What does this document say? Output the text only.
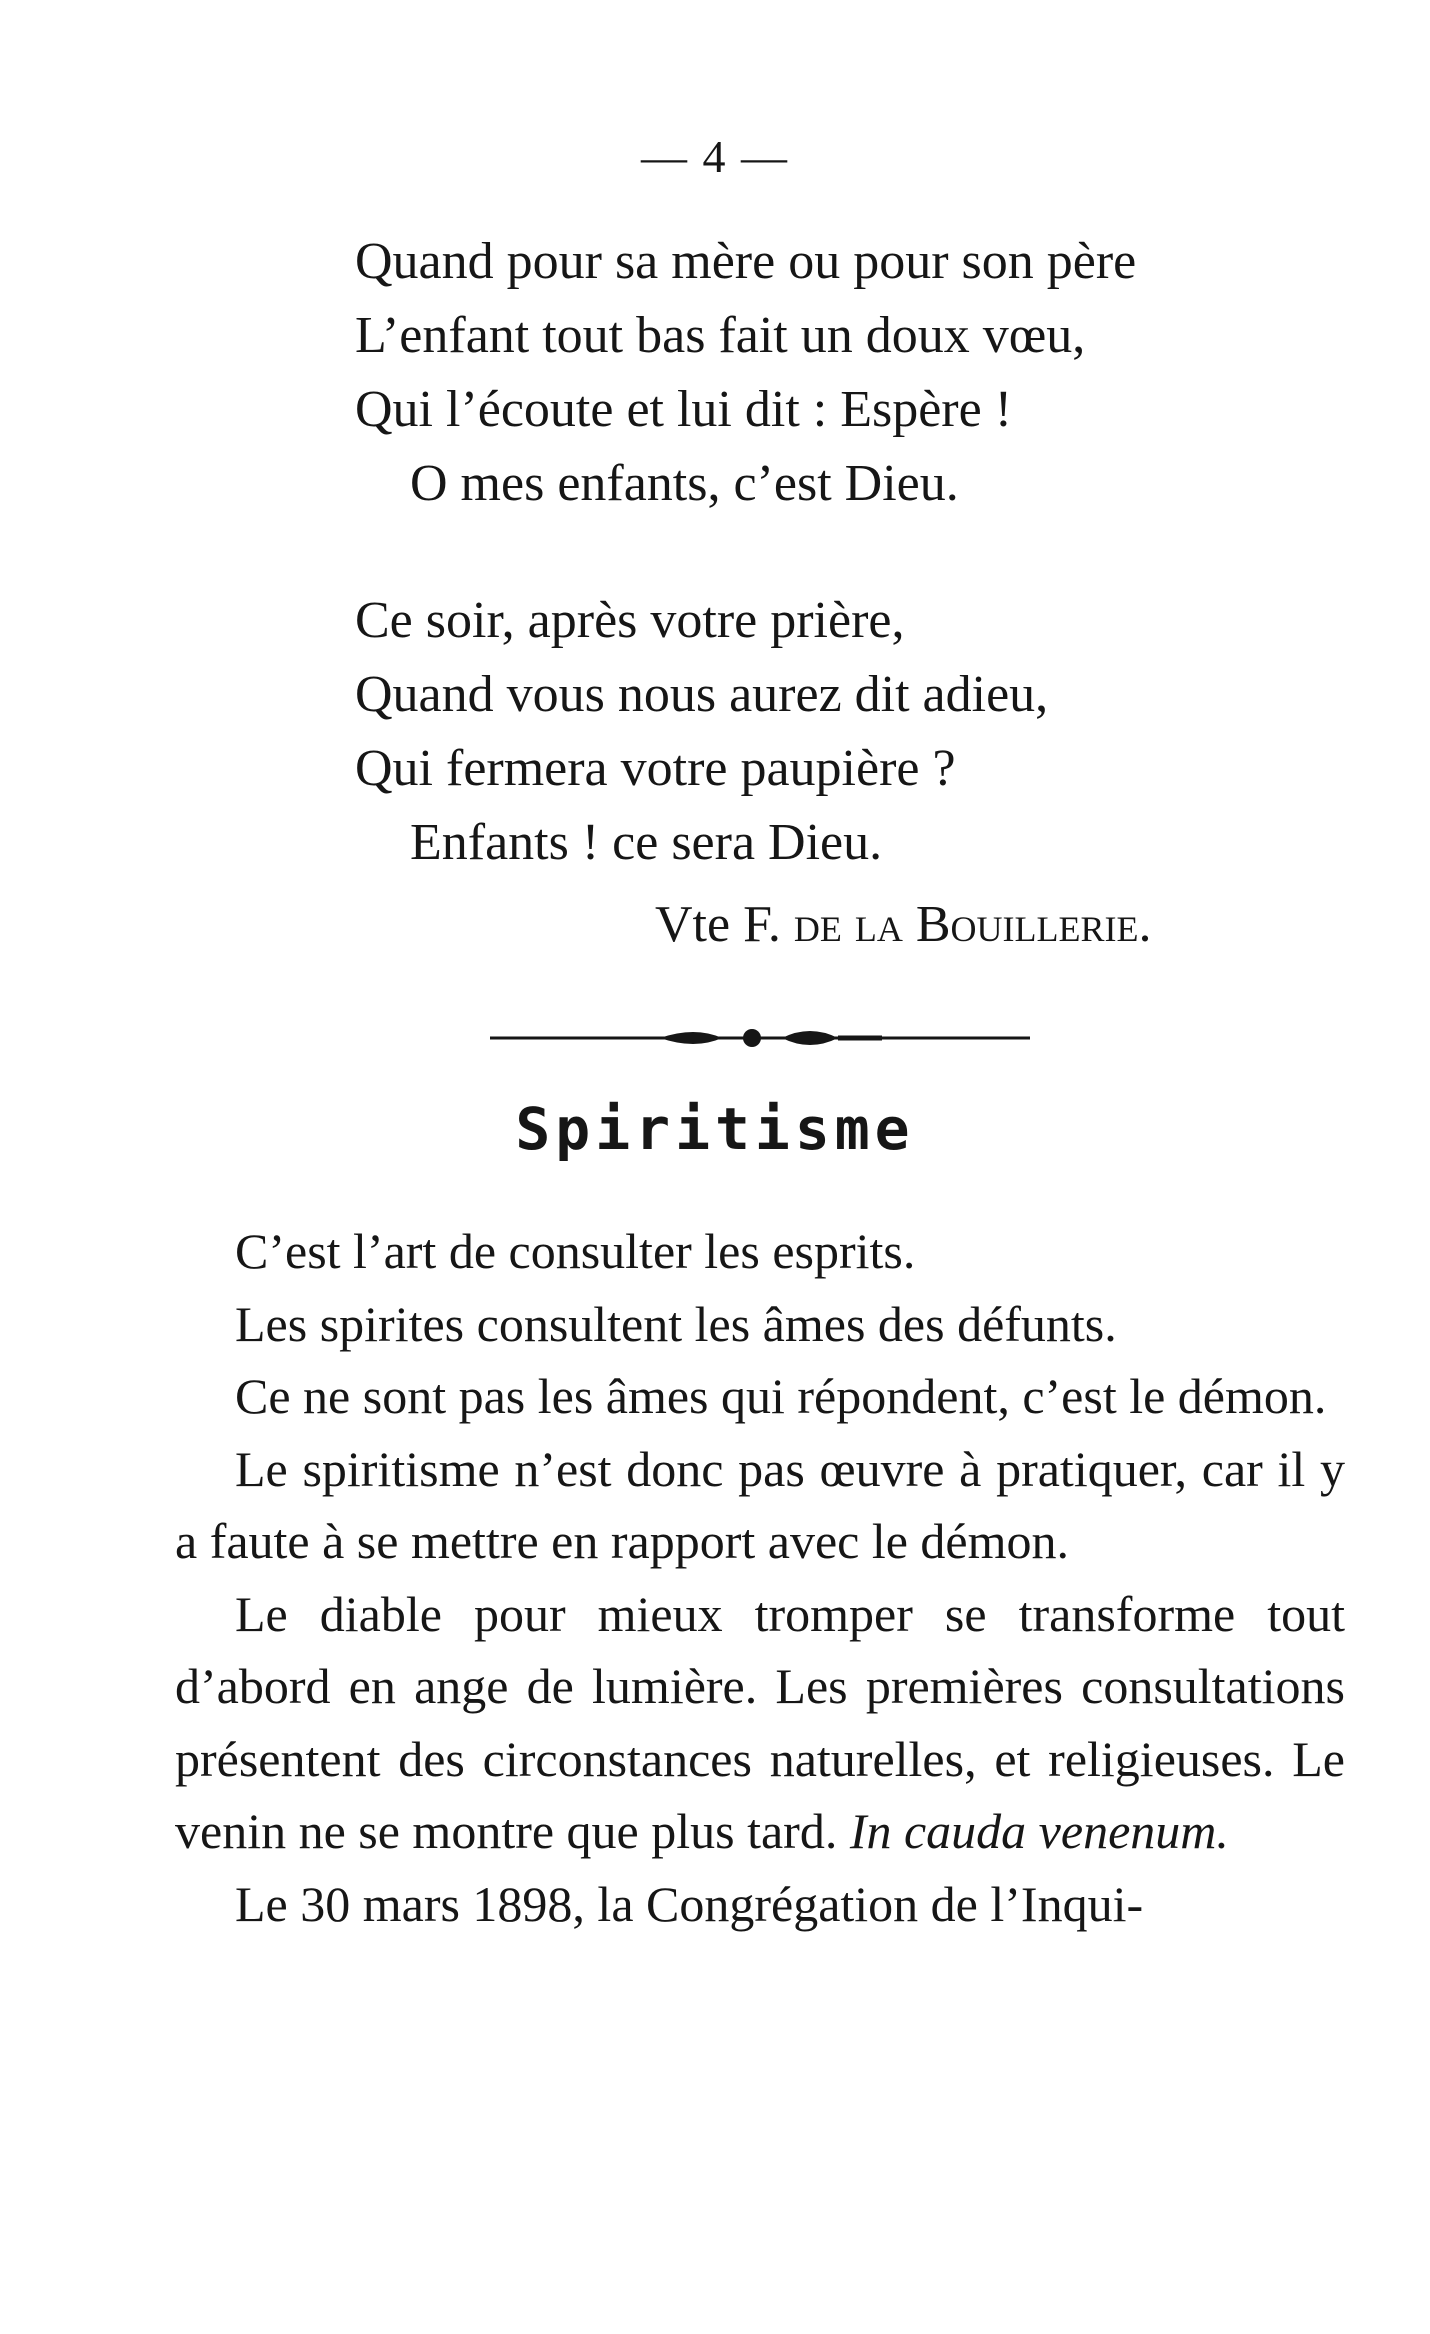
— 4 —
Quand pour sa mère ou pour son père
L’enfant tout bas fait un doux vœu,
Qui l’écoute et lui dit : Espère !
O mes enfants, c’est Dieu.
Ce soir, après votre prière,
Quand vous nous aurez dit adieu,
Qui fermera votre paupière ?
Enfants ! ce sera Dieu.
Vte F. de la Bouillerie.
Spiritisme

C’est l’art de consulter les esprits.

Les spirites consultent les âmes des défunts.

Ce ne sont pas les âmes qui répondent, c’est le démon.

Le spiritisme n’est donc pas œuvre à pratiquer, car il y a faute à se mettre en rapport avec le démon.

Le diable pour mieux tromper se transforme tout d’abord en ange de lumière. Les premières consultations présentent des circonstances naturelles, et religieuses. Le venin ne se montre que plus tard. In cauda venenum.

Le 30 mars 1898, la Congrégation de l’Inqui-
